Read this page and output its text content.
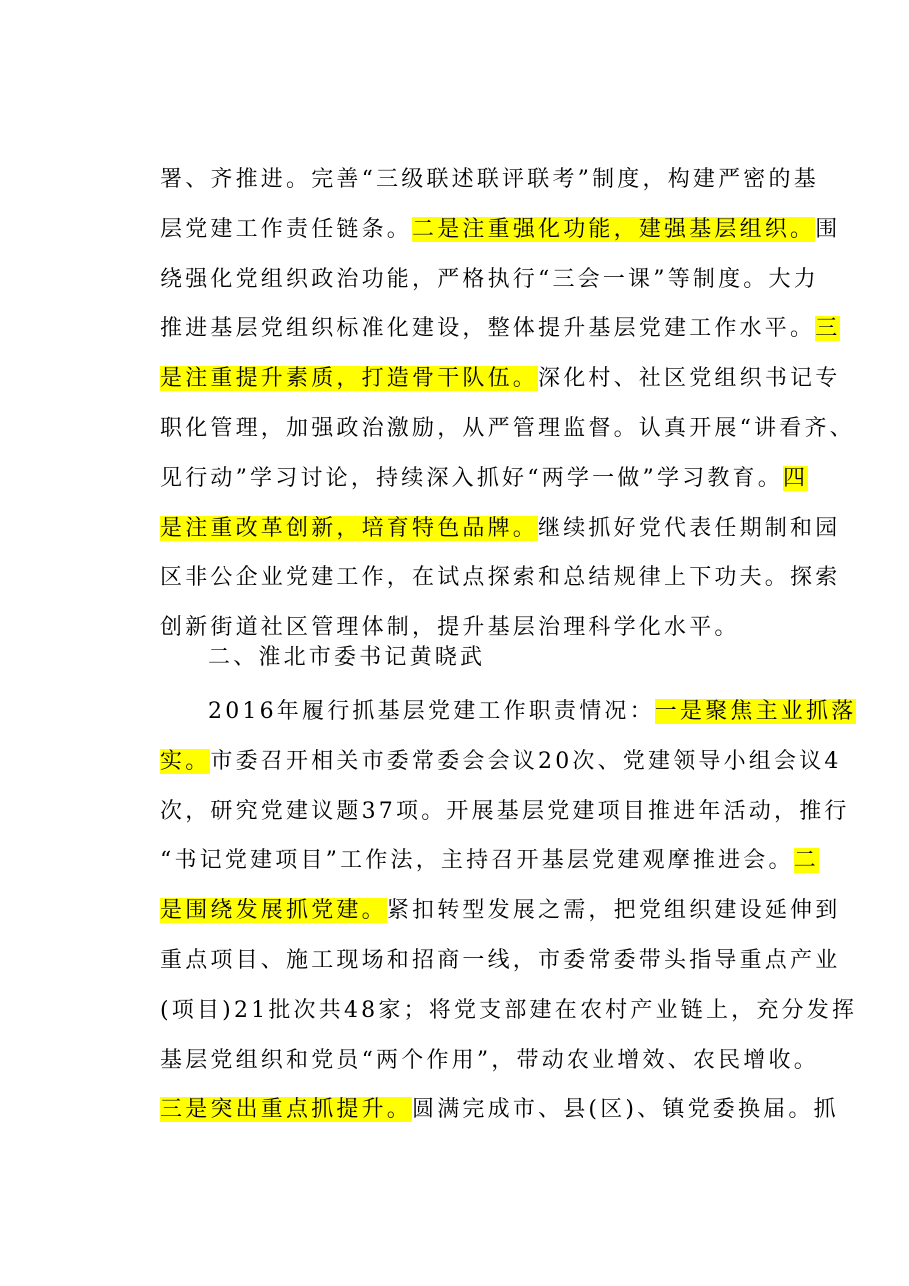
署、齐推进。完善“三级联述联评联考”制度，构建严密的基
层党建工作责任链条。二是注重强化功能，建强基层组织。围
绕强化党组织政治功能，严格执行“三会一课”等制度。大力
推进基层党组织标准化建设，整体提升基层党建工作水平。三
是注重提升素质，打造骨干队伍。深化村、社区党组织书记专
职化管理，加强政治激励，从严管理监督。认真开展“讲看齐、
见行动”学习讨论，持续深入抓好“两学一做”学习教育。四
是注重改革创新，培育特色品牌。继续抓好党代表任期制和园
区非公企业党建工作，在试点探索和总结规律上下功夫。探索
创新街道社区管理体制，提升基层治理科学化水平。
二、淮北市委书记黄晓武
2016年履行抓基层党建工作职责情况：一是聚焦主业抓落
实。市委召开相关市委常委会会议20次、党建领导小组会议4
次，研究党建议题37项。开展基层党建项目推进年活动，推行
“书记党建项目”工作法，主持召开基层党建观摩推进会。二
是围绕发展抓党建。紧扣转型发展之需，把党组织建设延伸到
重点项目、施工现场和招商一线，市委常委带头指导重点产业
(项目)21批次共48家；将党支部建在农村产业链上，充分发挥
基层党组织和党员“两个作用”，带动农业增效、农民增收。
三是突出重点抓提升。圆满完成市、县(区)、镇党委换届。抓
